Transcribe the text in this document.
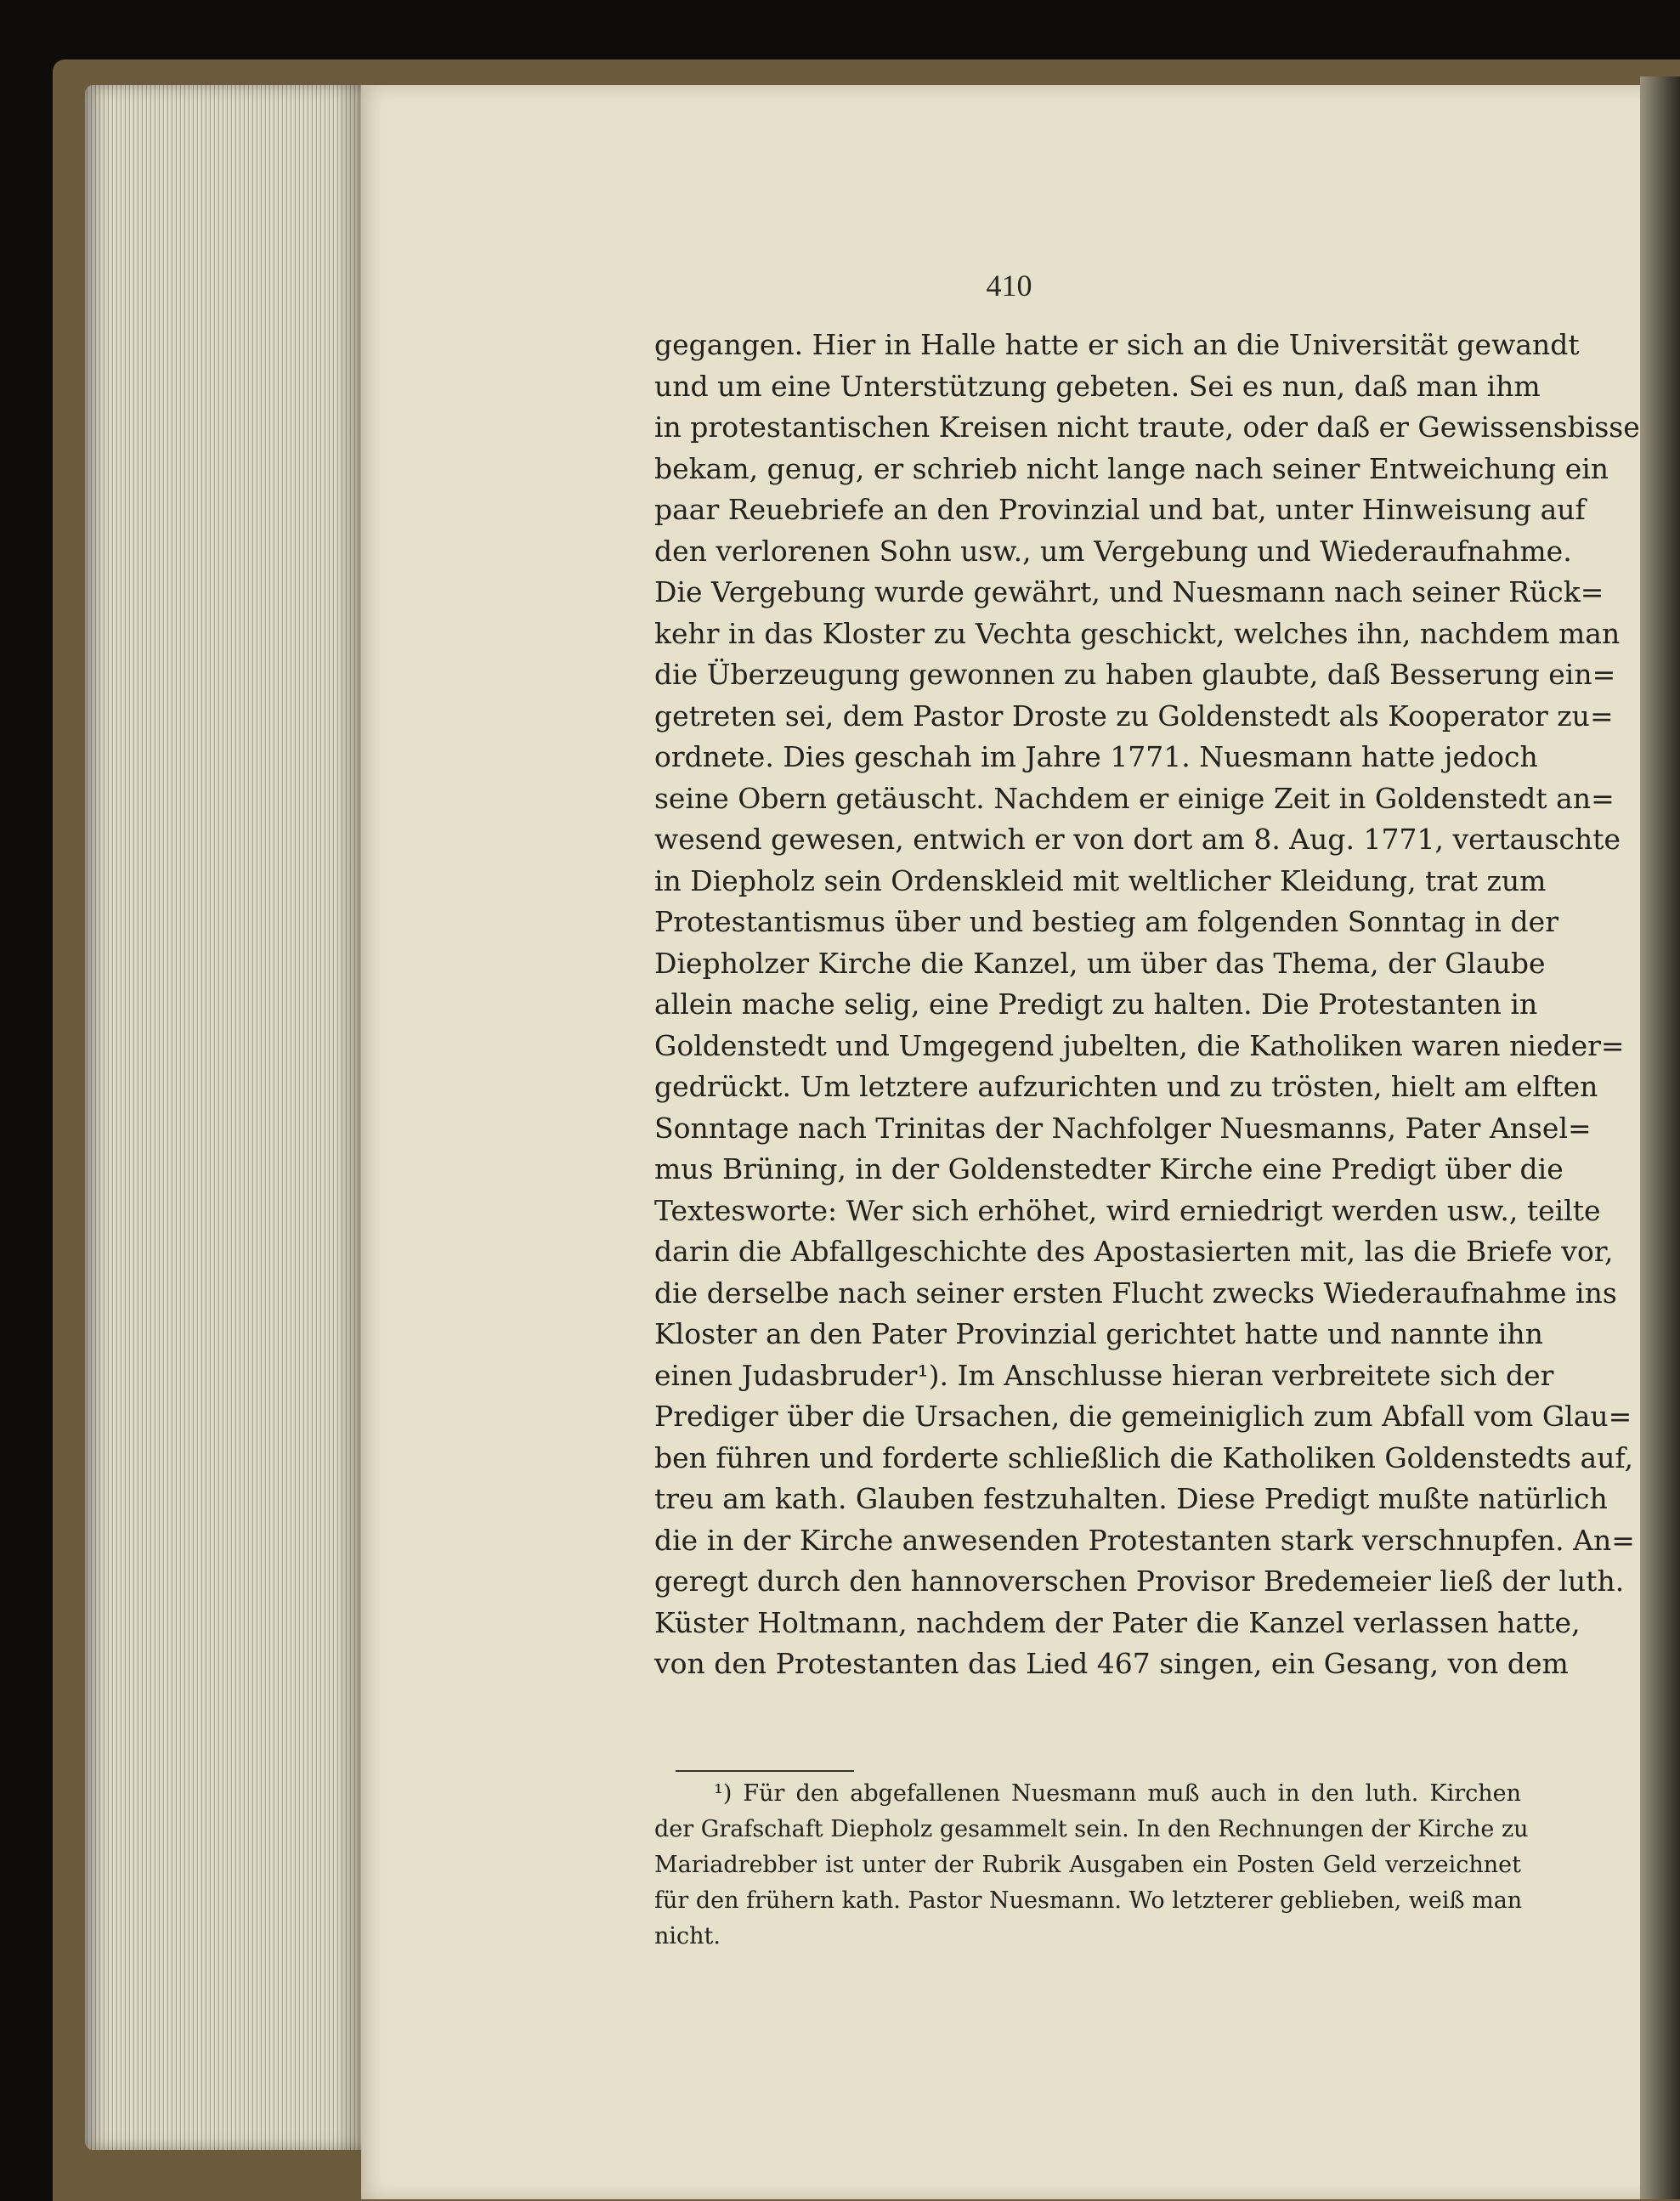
410
gegangen. Hier in Halle hatte er sich an die Universität gewandt
und um eine Unterstützung gebeten. Sei es nun, daß man ihm
in protestantischen Kreisen nicht traute, oder daß er Gewissensbisse
bekam, genug, er schrieb nicht lange nach seiner Entweichung ein
paar Reuebriefe an den Provinzial und bat, unter Hinweisung auf
den verlorenen Sohn usw., um Vergebung und Wiederaufnahme.
Die Vergebung wurde gewährt, und Nuesmann nach seiner Rück=
kehr in das Kloster zu Vechta geschickt, welches ihn, nachdem man
die Überzeugung gewonnen zu haben glaubte, daß Besserung ein=
getreten sei, dem Pastor Droste zu Goldenstedt als Kooperator zu=
ordnete. Dies geschah im Jahre 1771. Nuesmann hatte jedoch
seine Obern getäuscht. Nachdem er einige Zeit in Goldenstedt an=
wesend gewesen, entwich er von dort am 8. Aug. 1771, vertauschte
in Diepholz sein Ordenskleid mit weltlicher Kleidung, trat zum
Protestantismus über und bestieg am folgenden Sonntag in der
Diepholzer Kirche die Kanzel, um über das Thema, der Glaube
allein mache selig, eine Predigt zu halten. Die Protestanten in
Goldenstedt und Umgegend jubelten, die Katholiken waren nieder=
gedrückt. Um letztere aufzurichten und zu trösten, hielt am elften
Sonntage nach Trinitas der Nachfolger Nuesmanns, Pater Ansel=
mus Brüning, in der Goldenstedter Kirche eine Predigt über die
Textesworte: Wer sich erhöhet, wird erniedrigt werden usw., teilte
darin die Abfallgeschichte des Apostasierten mit, las die Briefe vor,
die derselbe nach seiner ersten Flucht zwecks Wiederaufnahme ins
Kloster an den Pater Provinzial gerichtet hatte und nannte ihn
einen Judasbruder¹). Im Anschlusse hieran verbreitete sich der
Prediger über die Ursachen, die gemeiniglich zum Abfall vom Glau=
ben führen und forderte schließlich die Katholiken Goldenstedts auf,
treu am kath. Glauben festzuhalten. Diese Predigt mußte natürlich
die in der Kirche anwesenden Protestanten stark verschnupfen. An=
geregt durch den hannoverschen Provisor Bredemeier ließ der luth.
Küster Holtmann, nachdem der Pater die Kanzel verlassen hatte,
von den Protestanten das Lied 467 singen, ein Gesang, von dem
¹) Für den abgefallenen Nuesmann muß auch in den luth. Kirchen
der Grafschaft Diepholz gesammelt sein. In den Rechnungen der Kirche zu
Mariadrebber ist unter der Rubrik Ausgaben ein Posten Geld verzeichnet
für den frühern kath. Pastor Nuesmann. Wo letzterer geblieben, weiß man
nicht.
